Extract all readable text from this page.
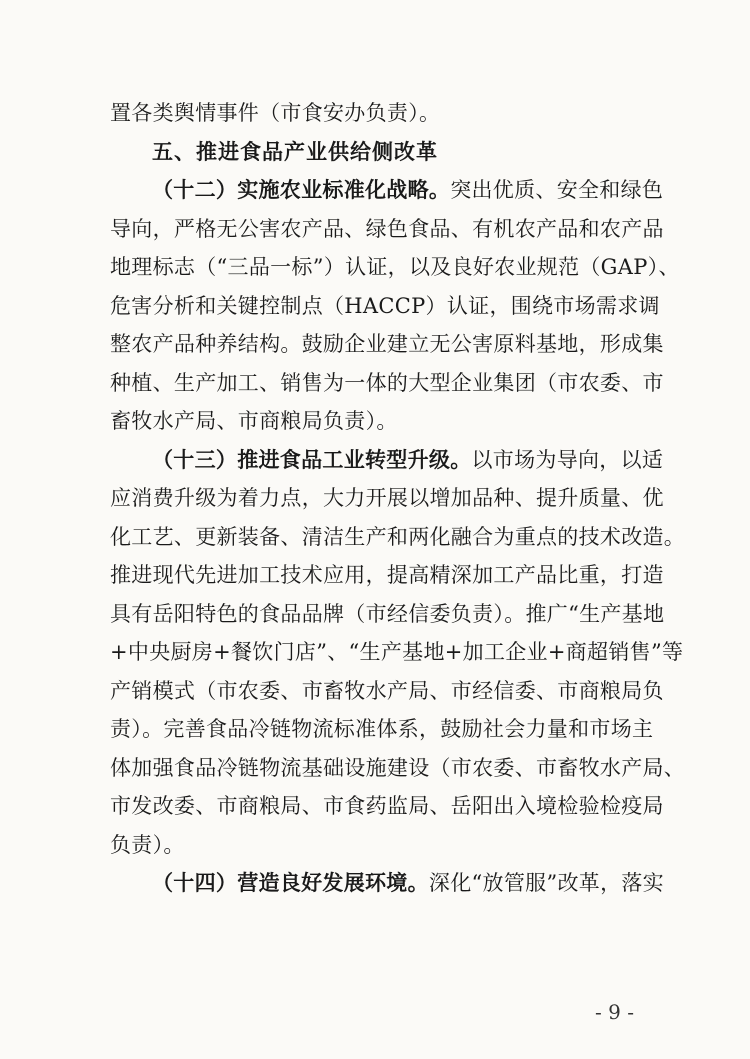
置各类舆情事件（市食安办负责）。
五、推进食品产业供给侧改革
（十二）实施农业标准化战略。突出优质、安全和绿色
导向，严格无公害农产品、绿色食品、有机农产品和农产品
地理标志（“三品一标”）认证，以及良好农业规范（GAP）、
危害分析和关键控制点（HACCP）认证，围绕市场需求调
整农产品种养结构。鼓励企业建立无公害原料基地，形成集
种植、生产加工、销售为一体的大型企业集团（市农委、市
畜牧水产局、市商粮局负责）。
（十三）推进食品工业转型升级。以市场为导向，以适
应消费升级为着力点，大力开展以增加品种、提升质量、优
化工艺、更新装备、清洁生产和两化融合为重点的技术改造。
推进现代先进加工技术应用，提高精深加工产品比重，打造
具有岳阳特色的食品品牌（市经信委负责）。推广“生产基地
+中央厨房+餐饮门店”、“生产基地+加工企业+商超销售”等
产销模式（市农委、市畜牧水产局、市经信委、市商粮局负
责）。完善食品冷链物流标准体系，鼓励社会力量和市场主
体加强食品冷链物流基础设施建设（市农委、市畜牧水产局、
市发改委、市商粮局、市食药监局、岳阳出入境检验检疫局
负责）。
（十四）营造良好发展环境。深化“放管服”改革，落实
- 9 -
